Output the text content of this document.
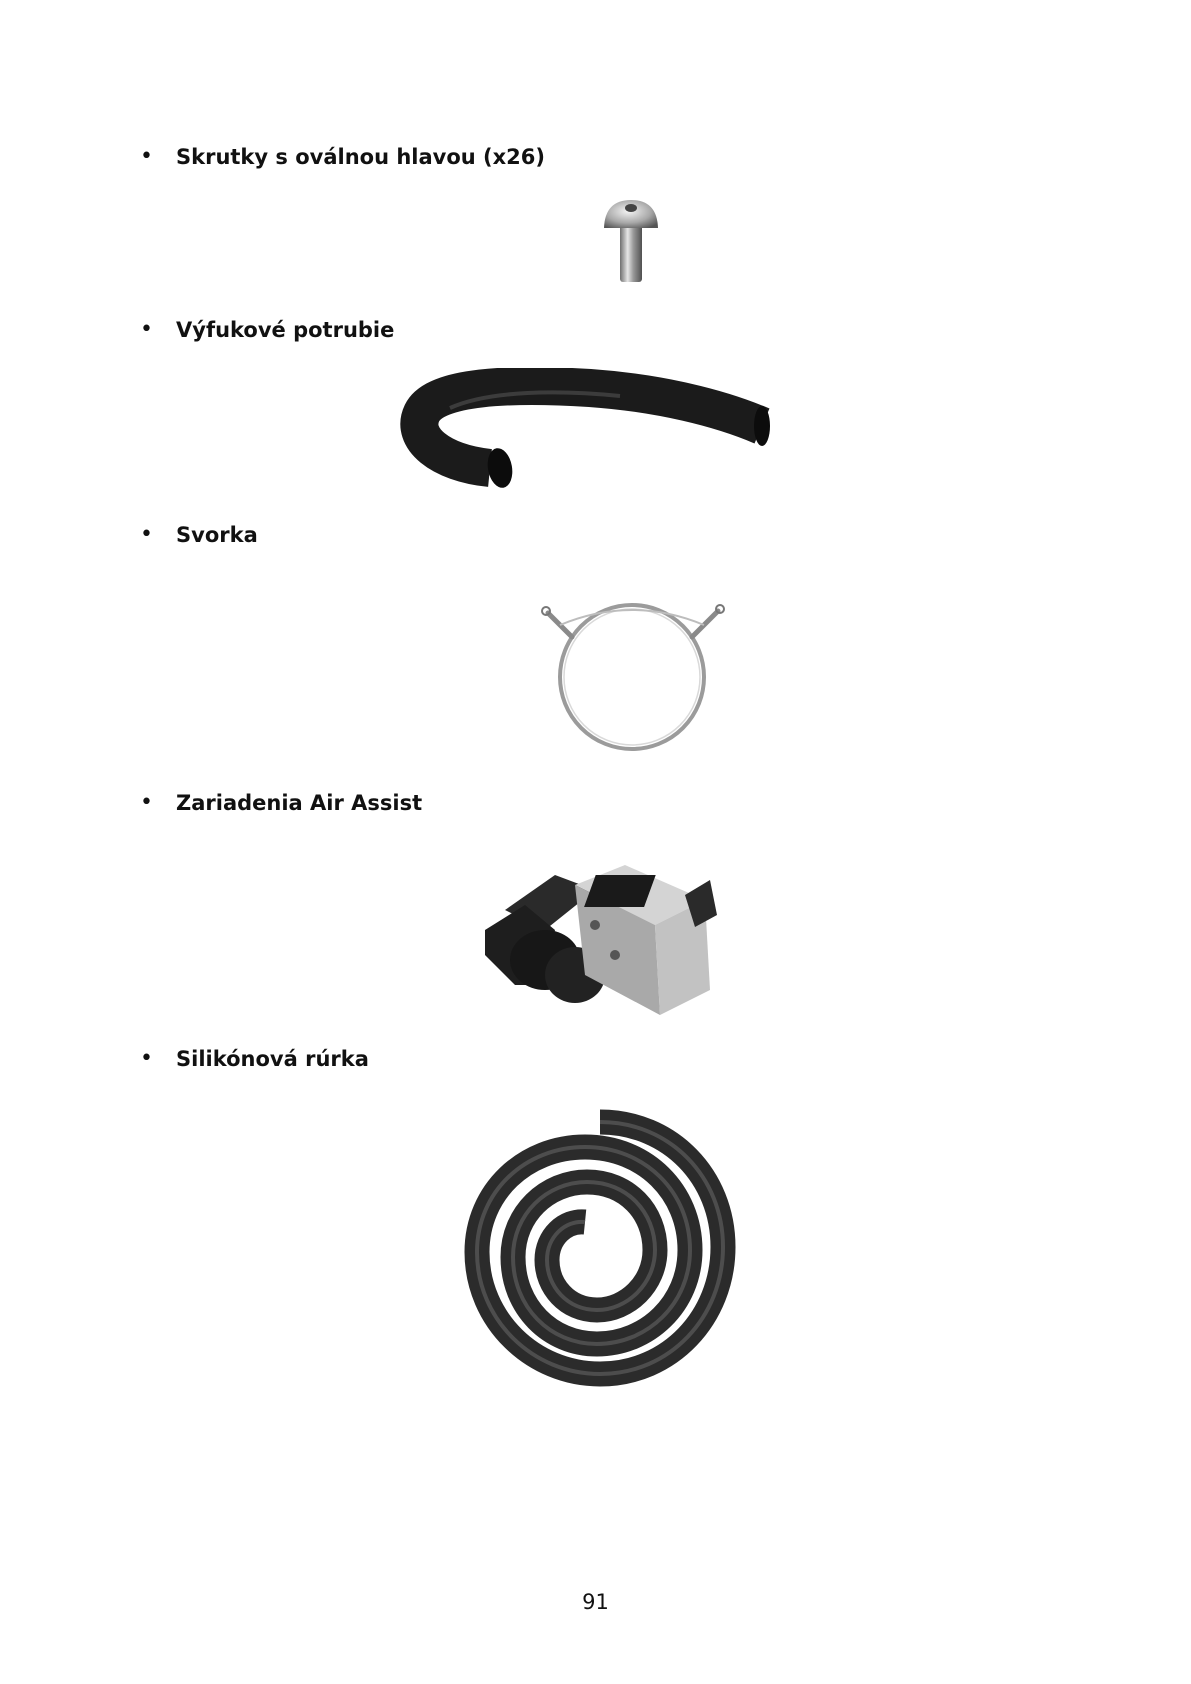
•	Skrutky s oválnou hlavou (x26)
•	Výfukové potrubie
•	Svorka
•	Zariadenia Air Assist
•	Silikónová rúrka
91
